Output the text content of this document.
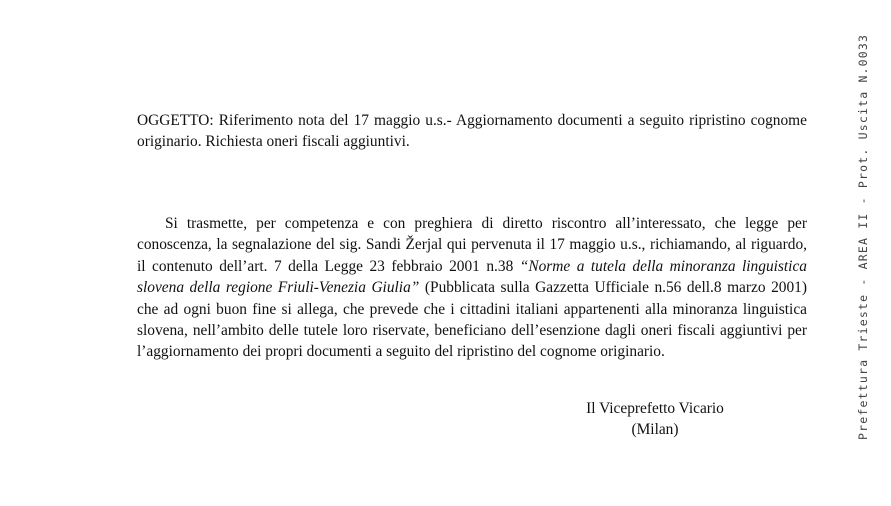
OGGETTO: Riferimento nota del 17 maggio u.s.- Aggiornamento documenti a seguito ripristino cognome originario. Richiesta oneri fiscali aggiuntivi.
Si trasmette, per competenza e con preghiera di diretto riscontro all’interessato, che legge per conoscenza, la segnalazione del sig. Sandi Žerjal qui pervenuta il 17 maggio u.s., richiamando, al riguardo, il contenuto dell’art. 7 della Legge 23 febbraio 2001 n.38 “Norme a tutela della minoranza linguistica slovena della regione Friuli-Venezia Giulia” (Pubblicata sulla Gazzetta Ufficiale n.56 dell.8 marzo 2001) che ad ogni buon fine si allega, che prevede che i cittadini italiani appartenenti alla minoranza linguistica slovena, nell’ambito delle tutele loro riservate, beneficiano dell’esenzione dagli oneri fiscali aggiuntivi per l’aggiornamento dei propri documenti a seguito del ripristino del cognome originario.
Il Viceprefetto Vicario
(Milan)	Prefettura Trieste - AREA II - Prot. Uscita N.0033
